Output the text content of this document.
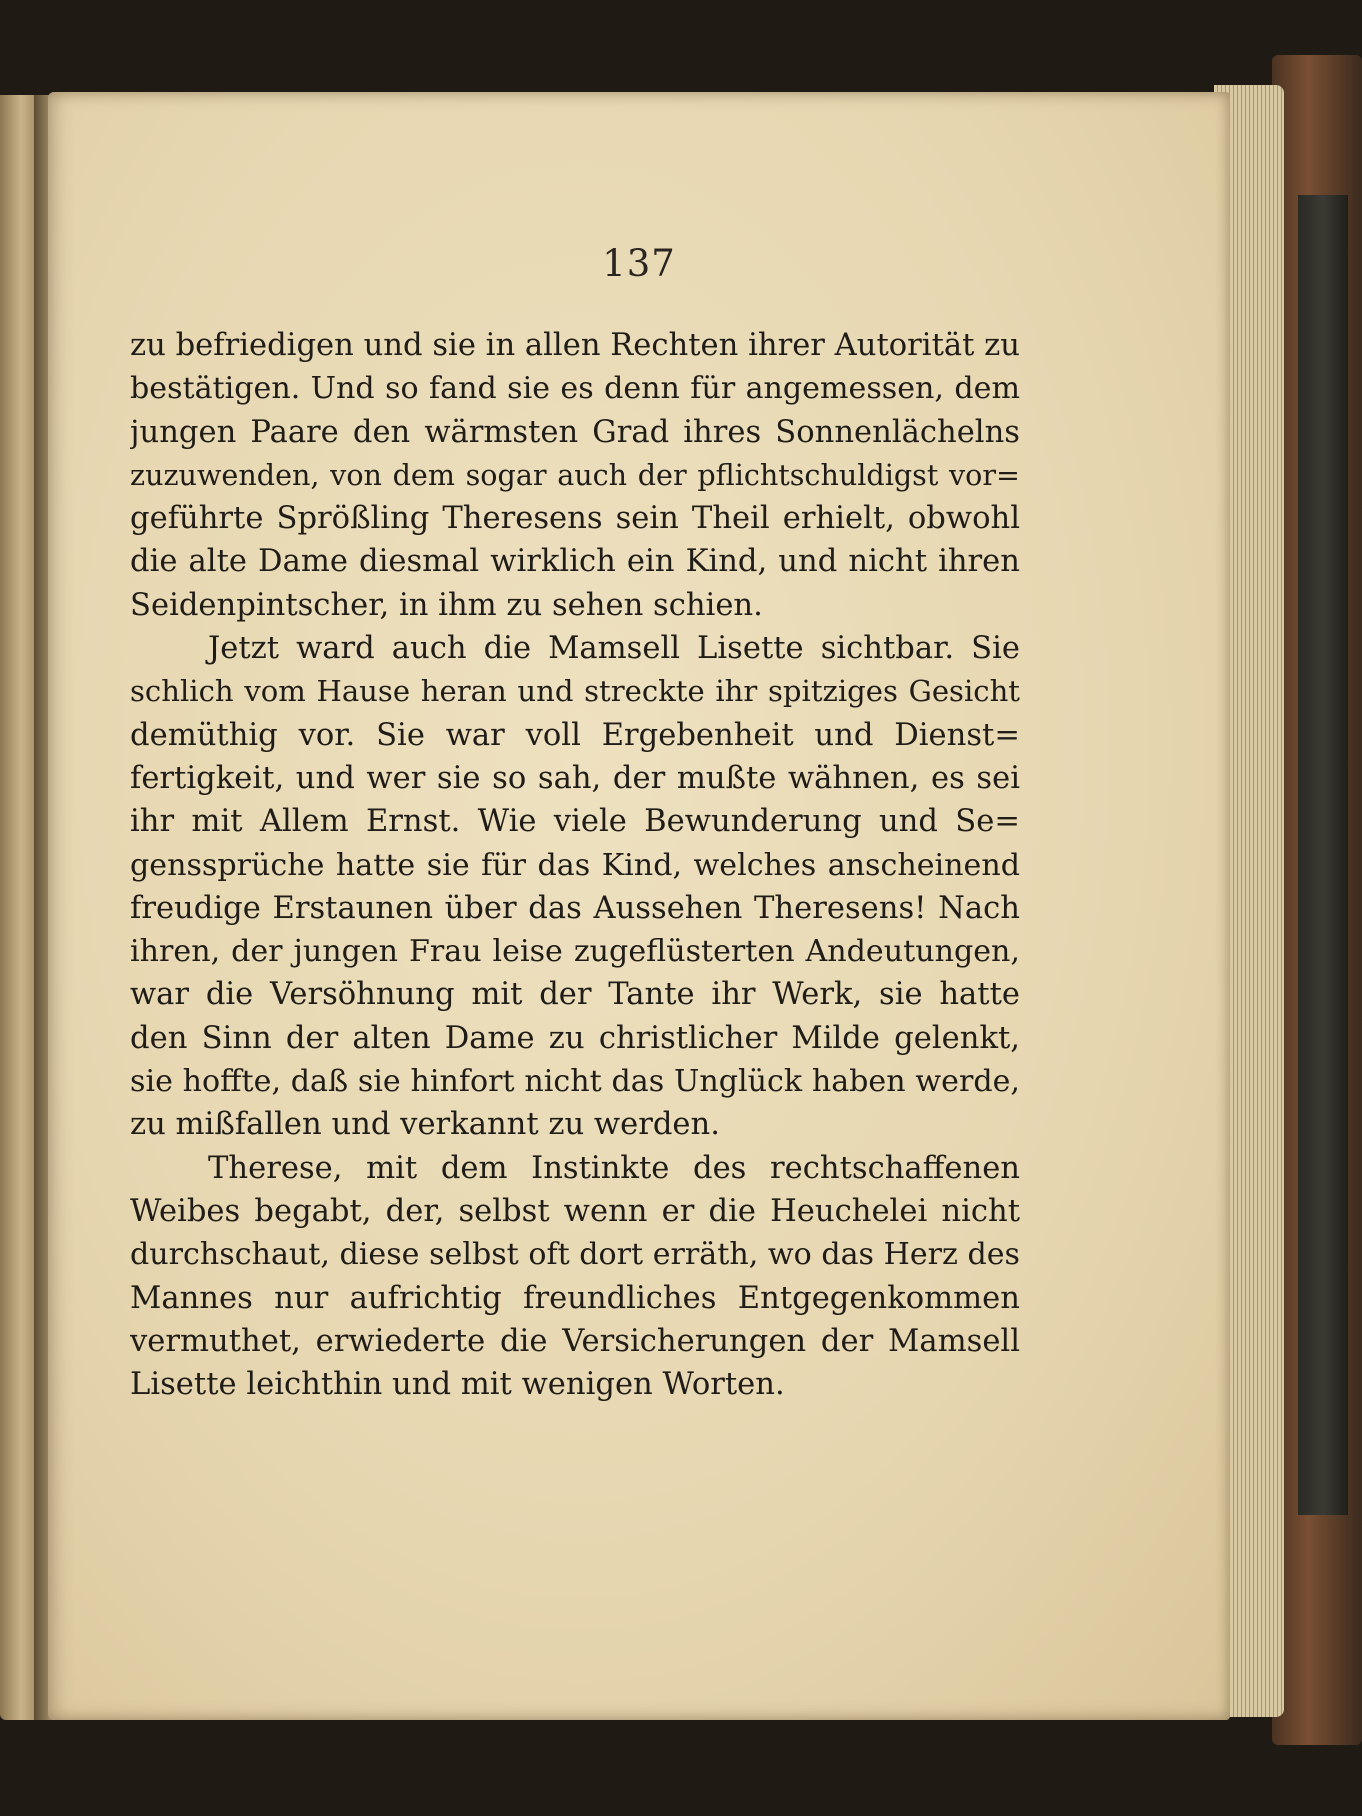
137
zu befriedigen und sie in allen Rechten ihrer Autorität zu
bestätigen. Und so fand sie es denn für angemessen, dem
jungen Paare den wärmsten Grad ihres Sonnenlächelns
zuzuwenden, von dem sogar auch der pflichtschuldigst vor=
geführte Sprößling Theresens sein Theil erhielt, obwohl
die alte Dame diesmal wirklich ein Kind, und nicht ihren
Seidenpintscher, in ihm zu sehen schien.
Jetzt ward auch die Mamsell Lisette sichtbar. Sie
schlich vom Hause heran und streckte ihr spitziges Gesicht
demüthig vor. Sie war voll Ergebenheit und Dienst=
fertigkeit, und wer sie so sah, der mußte wähnen, es sei
ihr mit Allem Ernst. Wie viele Bewunderung und Se=
genssprüche hatte sie für das Kind, welches anscheinend
freudige Erstaunen über das Aussehen Theresens! Nach
ihren, der jungen Frau leise zugeflüsterten Andeutungen,
war die Versöhnung mit der Tante ihr Werk, sie hatte
den Sinn der alten Dame zu christlicher Milde gelenkt,
sie hoffte, daß sie hinfort nicht das Unglück haben werde,
zu mißfallen und verkannt zu werden.
Therese, mit dem Instinkte des rechtschaffenen
Weibes begabt, der, selbst wenn er die Heuchelei nicht
durchschaut, diese selbst oft dort erräth, wo das Herz des
Mannes nur aufrichtig freundliches Entgegenkommen
vermuthet, erwiederte die Versicherungen der Mamsell
Lisette leichthin und mit wenigen Worten.
